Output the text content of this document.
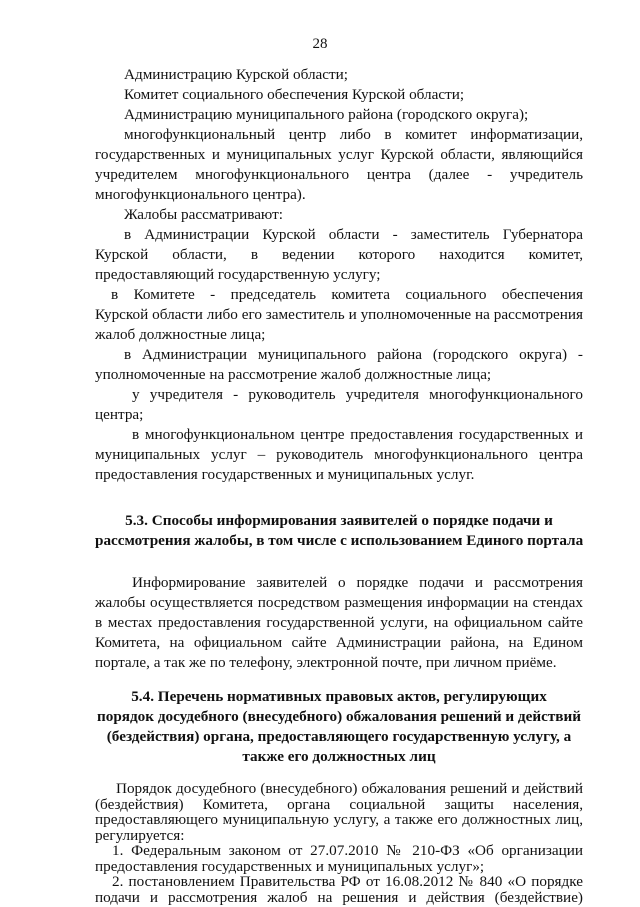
28
Администрацию Курской области;
Комитет социального обеспечения Курской области;
Администрацию муниципального района (городского округа);
многофункциональный центр либо в комитет информатизации,
государственных и муниципальных услуг Курской области, являющийся
учредителем многофункционального центра (далее - учредитель
многофункционального центра).
Жалобы рассматривают:
в Администрации Курской области - заместитель Губернатора
Курской области, в ведении которого находится комитет,
предоставляющий государственную услугу;
в Комитете - председатель комитета социального обеспечения
Курской области либо его заместитель и уполномоченные на рассмотрения
жалоб должностные лица;
в Администрации муниципального района (городского округа) -
уполномоченные на рассмотрение жалоб должностные лица;
у учредителя - руководитель учредителя многофункционального
центра;
в многофункциональном центре предоставления государственных и
муниципальных услуг – руководитель многофункционального центра
предоставления государственных и муниципальных услуг.
5.3. Способы информирования заявителей о порядке подачи и
рассмотрения жалобы, в том числе с использованием Единого портала
Информирование заявителей о порядке подачи и рассмотрения
жалобы осуществляется посредством размещения информации на стендах
в местах предоставления государственной услуги, на официальном сайте
Комитета, на официальном сайте Администрации района, на Едином
портале, а так же по телефону, электронной почте, при личном приёме.
5.4. Перечень нормативных правовых актов, регулирующих
порядок досудебного (внесудебного) обжалования решений и действий
(бездействия) органа, предоставляющего государственную услугу, а
также его должностных лиц
Порядок досудебного (внесудебного) обжалования решений и действий
(бездействия) Комитета, органа социальной защиты населения,
предоставляющего муниципальную услугу, а также его должностных лиц,
регулируется:
1. Федеральным законом от 27.07.2010 № 210-ФЗ «Об организации
предоставления государственных и муниципальных услуг»;
2. постановлением Правительства РФ от 16.08.2012 № 840 «О порядке
подачи и рассмотрения жалоб на решения и действия (бездействие)
